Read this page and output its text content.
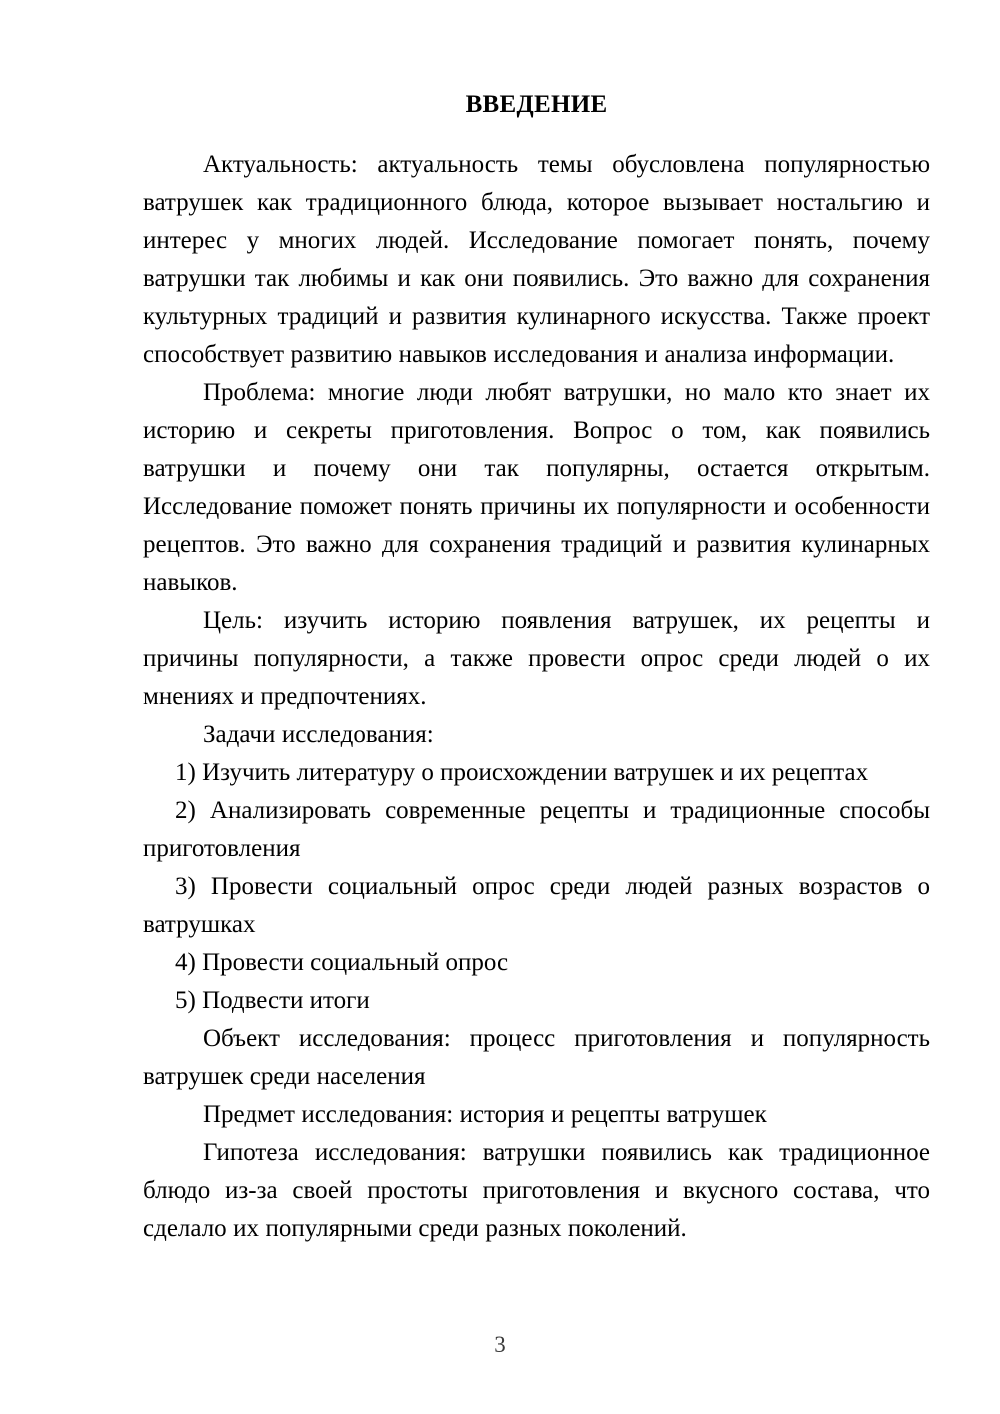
ВВЕДЕНИЕ

Актуальность: актуальность темы обусловлена популярностью ватрушек как традиционного блюда, которое вызывает ностальгию и интерес у многих людей. Исследование помогает понять, почему ватрушки так любимы и как они появились. Это важно для сохранения культурных традиций и развития кулинарного искусства. Также проект способствует развитию навыков исследования и анализа информации.

Проблема: многие люди любят ватрушки, но мало кто знает их историю и секреты приготовления. Вопрос о том, как появились ватрушки и почему они так популярны, остается открытым. Исследование поможет понять причины их популярности и особенности рецептов. Это важно для сохранения традиций и развития кулинарных навыков.

Цель: изучить историю появления ватрушек, их рецепты и причины популярности, а также провести опрос среди людей о их мнениях и предпочтениях.

Задачи исследования:

1) Изучить литературу о происхождении ватрушек и их рецептах

2) Анализировать современные рецепты и традиционные способы приготовления

3) Провести социальный опрос среди людей разных возрастов о ватрушках

4) Провести социальный опрос

5) Подвести итоги

Объект исследования: процесс приготовления и популярность ватрушек среди населения

Предмет исследования: история и рецепты ватрушек

Гипотеза исследования: ватрушки появились как традиционное блюдо из-за своей простоты приготовления и вкусного состава, что сделало их популярными среди разных поколений.

3
